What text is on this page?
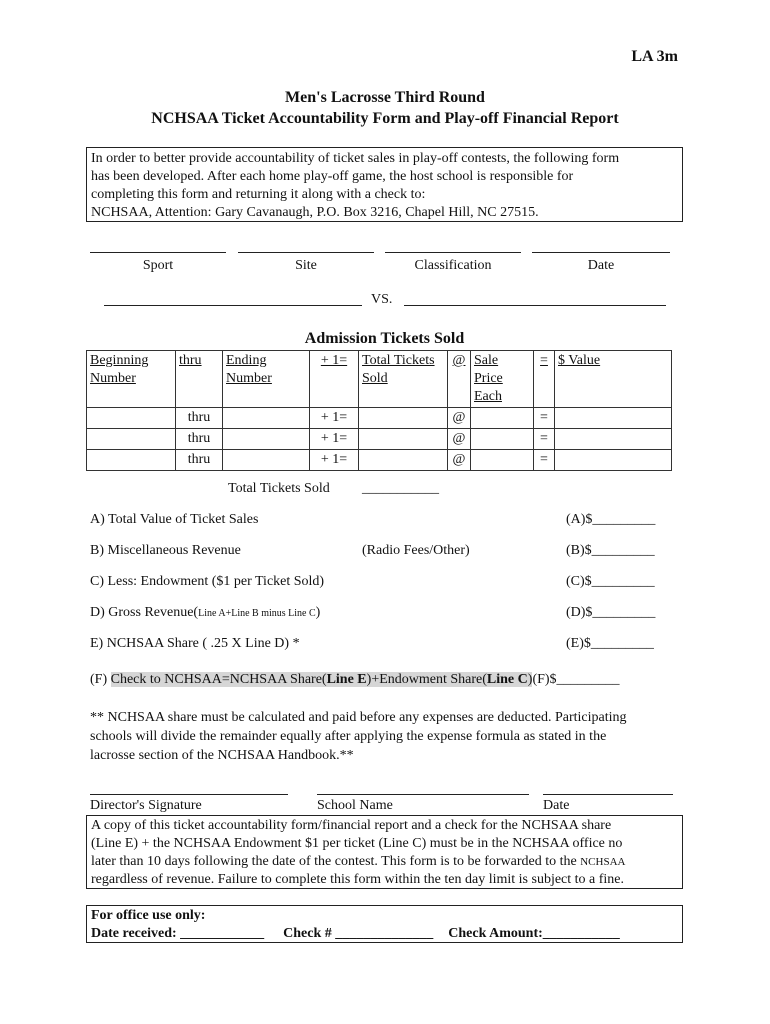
LA 3m
Men's Lacrosse Third Round
NCHSAA Ticket Accountability Form and Play-off Financial Report
In order to better provide accountability of ticket sales in play-off contests, the following form
has been developed. After each home play-off game, the host school is responsible for
completing this form and returning it along with a check to:
NCHSAA, Attention: Gary Cavanaugh, P.O. Box 3216, Chapel Hill, NC 27515.
Sport	Site	Classification	Date
VS.
Admission Tickets Sold
Beginning Number	thru	Ending Number	+ 1=	Total Tickets Sold	@	Sale Price Each	=	$ Value
	thru		+ 1=		@		=	
	thru		+ 1=		@		=	
	thru		+ 1=		@		=	
Total Tickets Sold ___________
A) Total Value of Ticket Sales	(A)$_________
B) Miscellaneous Revenue	(Radio Fees/Other)	(B)$_________
C) Less: Endowment ($1 per Ticket Sold)	(C)$_________
D) Gross Revenue(Line A+Line B minus Line C)	(D)$_________
E) NCHSAA Share ( .25 X Line D) *	(E)$_________
(F) Check to NCHSAA=NCHSAA Share(Line E)+Endowment Share(Line C)(F)$_________
** NCHSAA share must be calculated and paid before any expenses are deducted. Participating
schools will divide the remainder equally after applying the expense formula as stated in the
lacrosse section of the NCHSAA Handbook.**
Director's Signature	School Name	Date
A copy of this ticket accountability form/financial report and a check for the NCHSAA share
(Line E) + the NCHSAA Endowment $1 per ticket (Line C) must be in the NCHSAA office no
later than 10 days following the date of the contest. This form is to be forwarded to the NCHSAA
regardless of revenue. Failure to complete this form within the ten day limit is subject to a fine.
For office use only:
Date received: ____________ Check # ______________ Check Amount:___________
